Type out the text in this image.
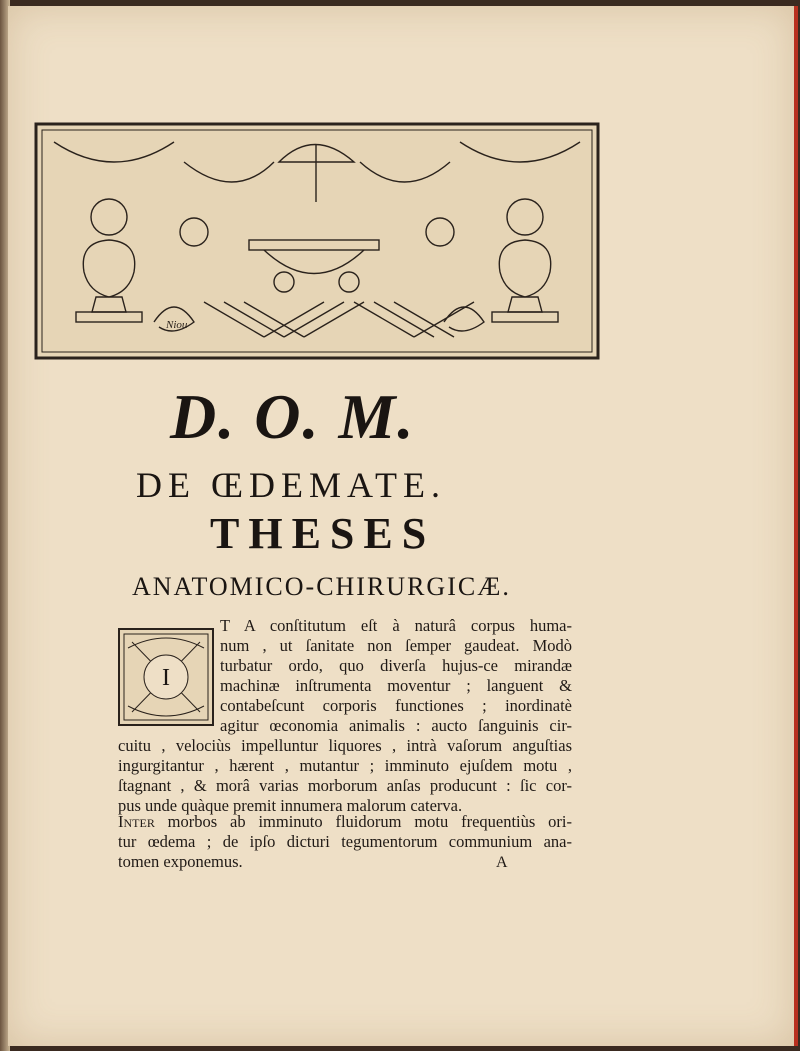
Niou
D. O. M.
DE ŒDEMATE.
THESES
ANATOMICO-CHIRURGICÆ.
I
T A conſtitutum eſt à naturâ corpus huma-
num , ut ſanitate non ſemper gaudeat. Modò
turbatur ordo, quo diverſa hujus-ce mirandæ
machinæ inſtrumenta moventur ; languent &
contabeſcunt corporis functiones ; inordinatè
agitur œconomia animalis : aucto ſanguinis cir-
cuitu , velociùs impelluntur liquores , intrà vaſorum anguſtias
ingurgitantur , hærent , mutantur ; imminuto ejuſdem motu ,
ſtagnant , & morâ varias morborum anſas producunt : ſic cor-
pus unde quàque premit innumera malorum caterva.
Inter morbos ab imminuto fluidorum motu frequentiùs ori-
tur œdema ; de ipſo dicturi tegumentorum communium ana-
tomen exponemus.	A
